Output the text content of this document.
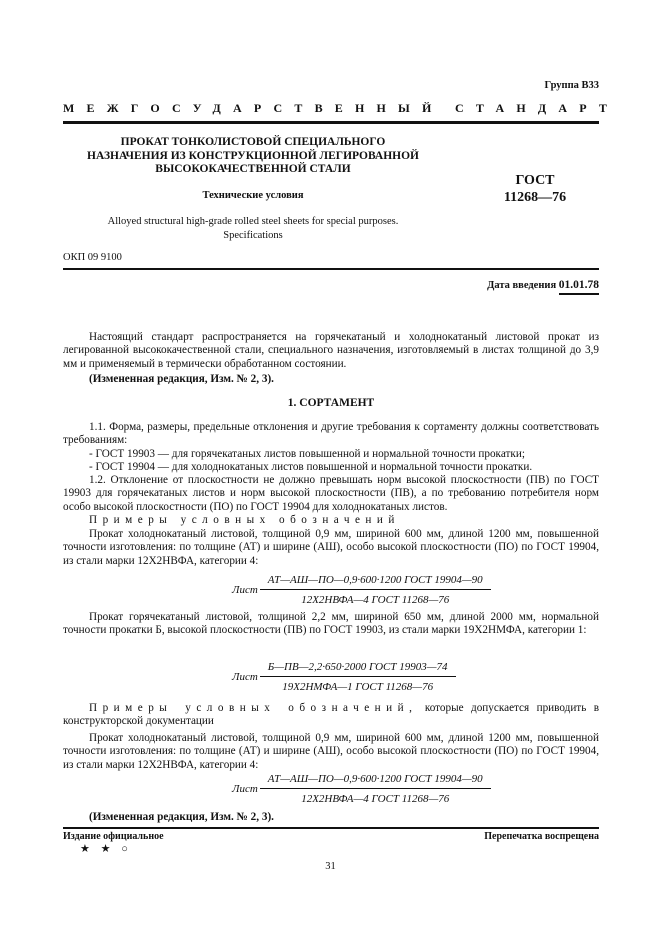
Группа В33
МЕЖГОСУДАРСТВЕННЫЙ СТАНДАРТ
ПРОКАТ ТОНКОЛИСТОВОЙ СПЕЦИАЛЬНОГО
НАЗНАЧЕНИЯ ИЗ КОНСТРУКЦИОННОЙ ЛЕГИРОВАННОЙ
ВЫСОКОКАЧЕСТВЕННОЙ СТАЛИ
Технические условия
Alloyed structural high-grade rolled steel sheets for special purposes.
Specifications
ГОСТ
11268—76
ОКП 09 9100
Дата введения 01.01.78
Настоящий стандарт распространяется на горячекатаный и холоднокатаный листовой прокат из легированной высококачественной стали, специального назначения, изготовляемый в листах толщиной до 3,9 мм и применяемый в термически обработанном состоянии.
(Измененная редакция, Изм. № 2, 3).
1. СОРТАМЕНТ
1.1. Форма, размеры, предельные отклонения и другие требования к сортаменту должны соответствовать требованиям:
- ГОСТ 19903 — для горячекатаных листов повышенной и нормальной точности прокатки;
- ГОСТ 19904 — для холоднокатаных листов повышенной и нормальной точности прокатки.
1.2. Отклонение от плоскостности не должно превышать норм высокой плоскостности (ПВ) по ГОСТ 19903 для горячекатаных листов и норм высокой плоскостности (ПВ), а по требованию потребителя норм особо высокой плоскостности (ПО) по ГОСТ 19904 для холоднокатаных листов.
Примеры условных обозначений
Прокат холоднокатаный листовой, толщиной 0,9 мм, шириной 600 мм, длиной 1200 мм, повышенной точности изготовления: по толщине (АТ) и ширине (АШ), особо высокой плоскостности (ПО) по ГОСТ 19904, из стали марки 12Х2НВФА, категории 4:
Лист $\frac{\text{АТ—АШ—ПО—0,9·600·1200 ГОСТ 19904—90}}{\text{12Х2НВФА—4 ГОСТ 11268—76}}$
Прокат горячекатаный листовой, толщиной 2,2 мм, шириной 650 мм, длиной 2000 мм, нормальной точности прокатки Б, высокой плоскостности (ПВ) по ГОСТ 19903, из стали марки 19Х2НМФА, категории 1:
Лист $\frac{\text{Б—ПВ—2,2·650·2000 ГОСТ 19903—74}}{\text{19Х2НМФА—1 ГОСТ 11268—76}}$
Примеры условных обозначений, которые допускается приводить в конструкторской документации
Прокат холоднокатаный листовой, толщиной 0,9 мм, шириной 600 мм, длиной 1200 мм, повышенной точности изготовления: по толщине (АТ) и ширине (АШ), особо высокой плоскостности (ПО) по ГОСТ 19904, из стали марки 12Х2НВФА, категории 4:
Лист $\frac{\text{АТ—АШ—ПО—0,9·600·1200 ГОСТ 19904—90}}{\text{12Х2НВФА—4 ГОСТ 11268—76}}$
(Измененная редакция, Изм. № 2, 3).
Издание официальное
★ ★ ○
Перепечатка воспрещена
31
